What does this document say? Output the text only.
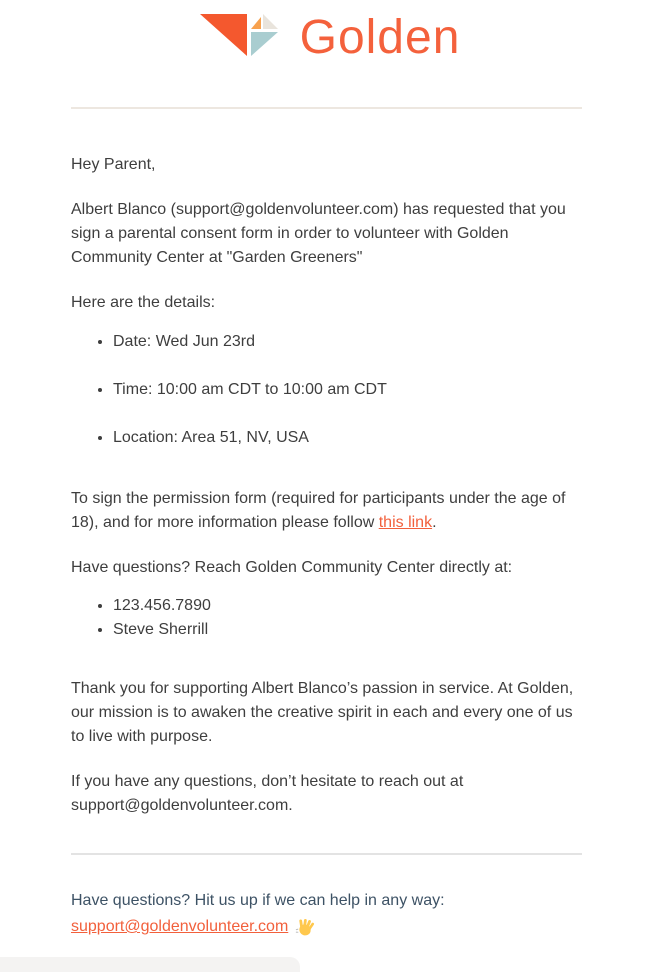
Golden

Hey Parent,

Albert Blanco (support@goldenvolunteer.com) has requested that you sign a parental consent form in order to volunteer with Golden Community Center at "Garden Greeners"

Here are the details:

• Date: Wed Jun 23rd
• Time: 10:00 am CDT to 10:00 am CDT
• Location: Area 51, NV, USA

To sign the permission form (required for participants under the age of 18), and for more information please follow this link.

Have questions? Reach Golden Community Center directly at:

• 123.456.7890
• Steve Sherrill

Thank you for supporting Albert Blanco’s passion in service. At Golden, our mission is to awaken the creative spirit in each and every one of us to live with purpose.

If you have any questions, don’t hesitate to reach out at support@goldenvolunteer.com.

Have questions? Hit us up if we can help in any way:

support@goldenvolunteer.com
